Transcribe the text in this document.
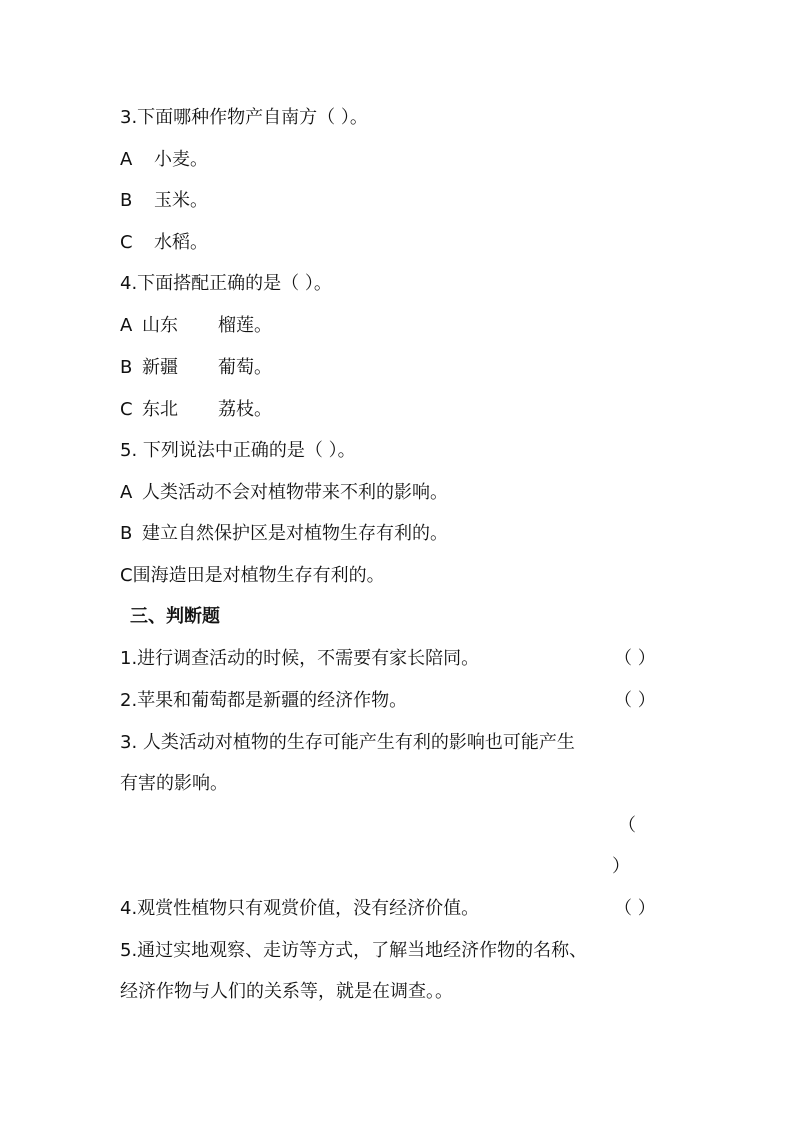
3.下面哪种作物产自南方（ ）。
A 小麦。
B 玉米。
C 水稻。
4.下面搭配正确的是（ ）。
A 山东 榴莲。
B 新疆 葡萄。
C 东北 荔枝。
5. 下列说法中正确的是（ ）。
A 人类活动不会对植物带来不利的影响。
B 建立自然保护区是对植物生存有利的。
C围海造田是对植物生存有利的。
三、判断题
1.进行调查活动的时候，不需要有家长陪同。	（ ）
2.苹果和葡萄都是新疆的经济作物。	（ ）
3. 人类活动对植物的生存可能产生有利的影响也可能产生
有害的影响。
（
）
4.观赏性植物只有观赏价值，没有经济价值。	（ ）
5.通过实地观察、走访等方式，了解当地经济作物的名称、
经济作物与人们的关系等，就是在调查。。
